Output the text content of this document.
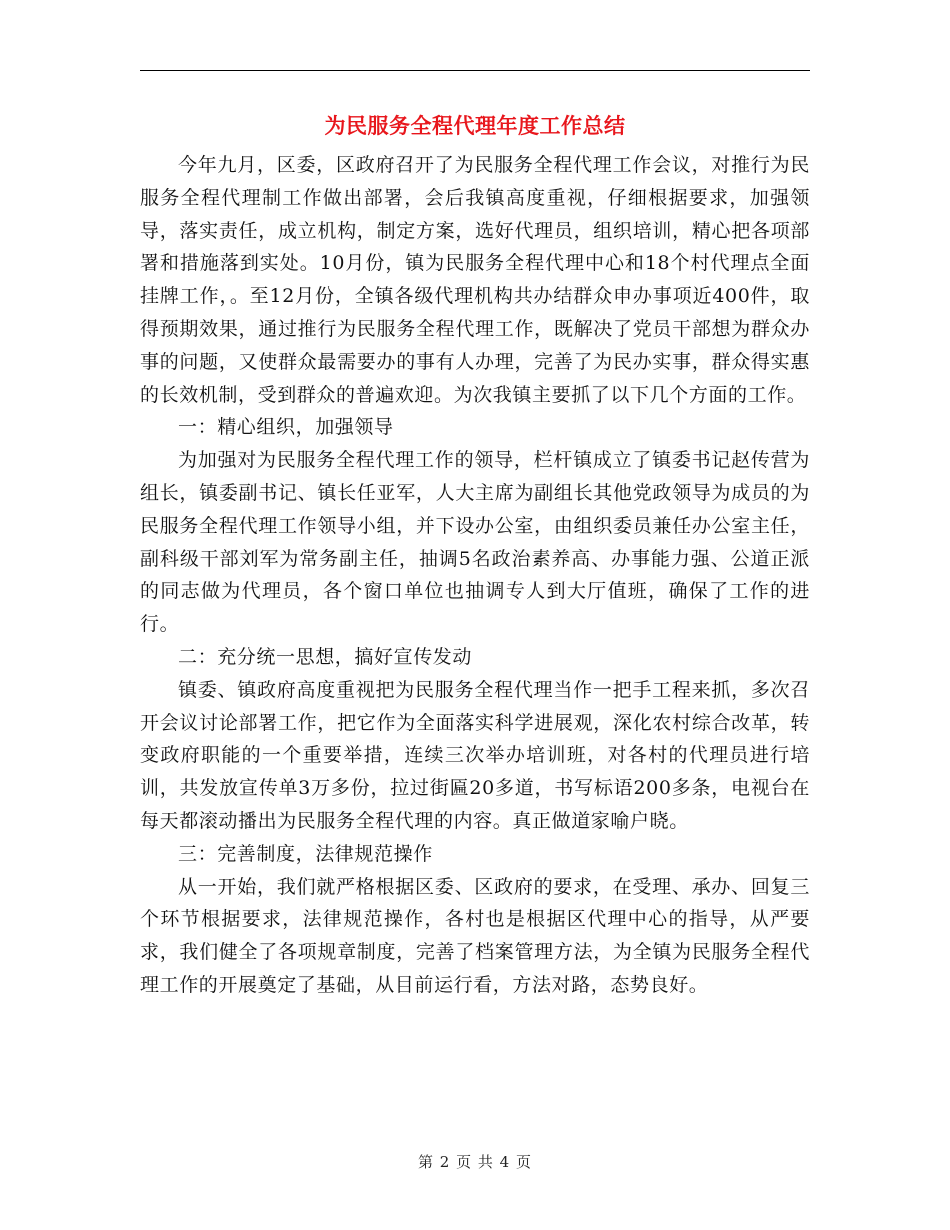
为民服务全程代理年度工作总结

今年九月，区委，区政府召开了为民服务全程代理工作会议，对推行为民服务全程代理制工作做出部署，会后我镇高度重视，仔细根据要求，加强领导，落实责任，成立机构，制定方案，选好代理员，组织培训，精心把各项部署和措施落到实处。10月份，镇为民服务全程代理中心和18个村代理点全面挂牌工作，。至12月份，全镇各级代理机构共办结群众申办事项近400件，取得预期效果，通过推行为民服务全程代理工作，既解决了党员干部想为群众办事的问题，又使群众最需要办的事有人办理，完善了为民办实事，群众得实惠的长效机制，受到群众的普遍欢迎。为次我镇主要抓了以下几个方面的工作。

一：精心组织，加强领导

为加强对为民服务全程代理工作的领导，栏杆镇成立了镇委书记赵传营为组长，镇委副书记、镇长任亚军，人大主席为副组长其他党政领导为成员的为民服务全程代理工作领导小组，并下设办公室，由组织委员兼任办公室主任，副科级干部刘军为常务副主任，抽调5名政治素养高、办事能力强、公道正派的同志做为代理员，各个窗口单位也抽调专人到大厅值班，确保了工作的进行。

二：充分统一思想，搞好宣传发动

镇委、镇政府高度重视把为民服务全程代理当作一把手工程来抓，多次召开会议讨论部署工作，把它作为全面落实科学进展观，深化农村综合改革，转变政府职能的一个重要举措，连续三次举办培训班，对各村的代理员进行培训，共发放宣传单3万多份，拉过街匾20多道，书写标语200多条，电视台在每天都滚动播出为民服务全程代理的内容。真正做道家喻户晓。

三：完善制度，法律规范操作

从一开始，我们就严格根据区委、区政府的要求，在受理、承办、回复三个环节根据要求，法律规范操作，各村也是根据区代理中心的指导，从严要求，我们健全了各项规章制度，完善了档案管理方法，为全镇为民服务全程代理工作的开展奠定了基础，从目前运行看，方法对路，态势良好。

第 2 页 共 4 页
